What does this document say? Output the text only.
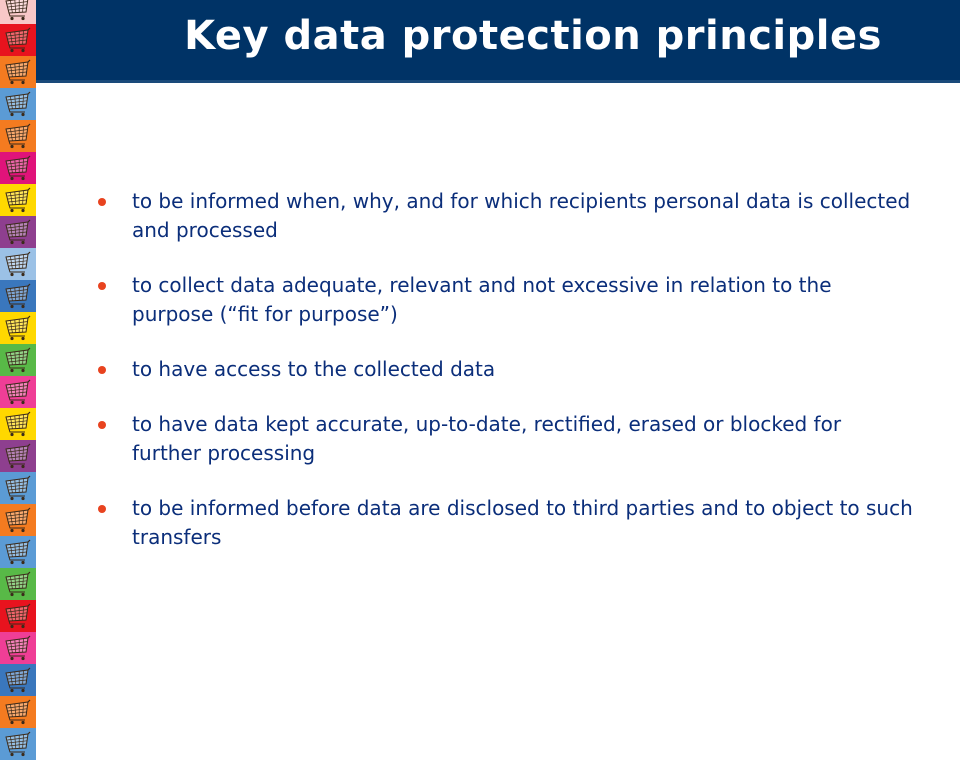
Key data protection principles
to be informed when, why, and for which recipients personal data is collected and processed
to collect data adequate, relevant and not excessive in relation to the purpose (“fit for purpose”)
to have access to the collected data
to have data kept accurate, up-to-date, rectified, erased or blocked for further processing
to be informed before data are disclosed to third parties and to object to such transfers
